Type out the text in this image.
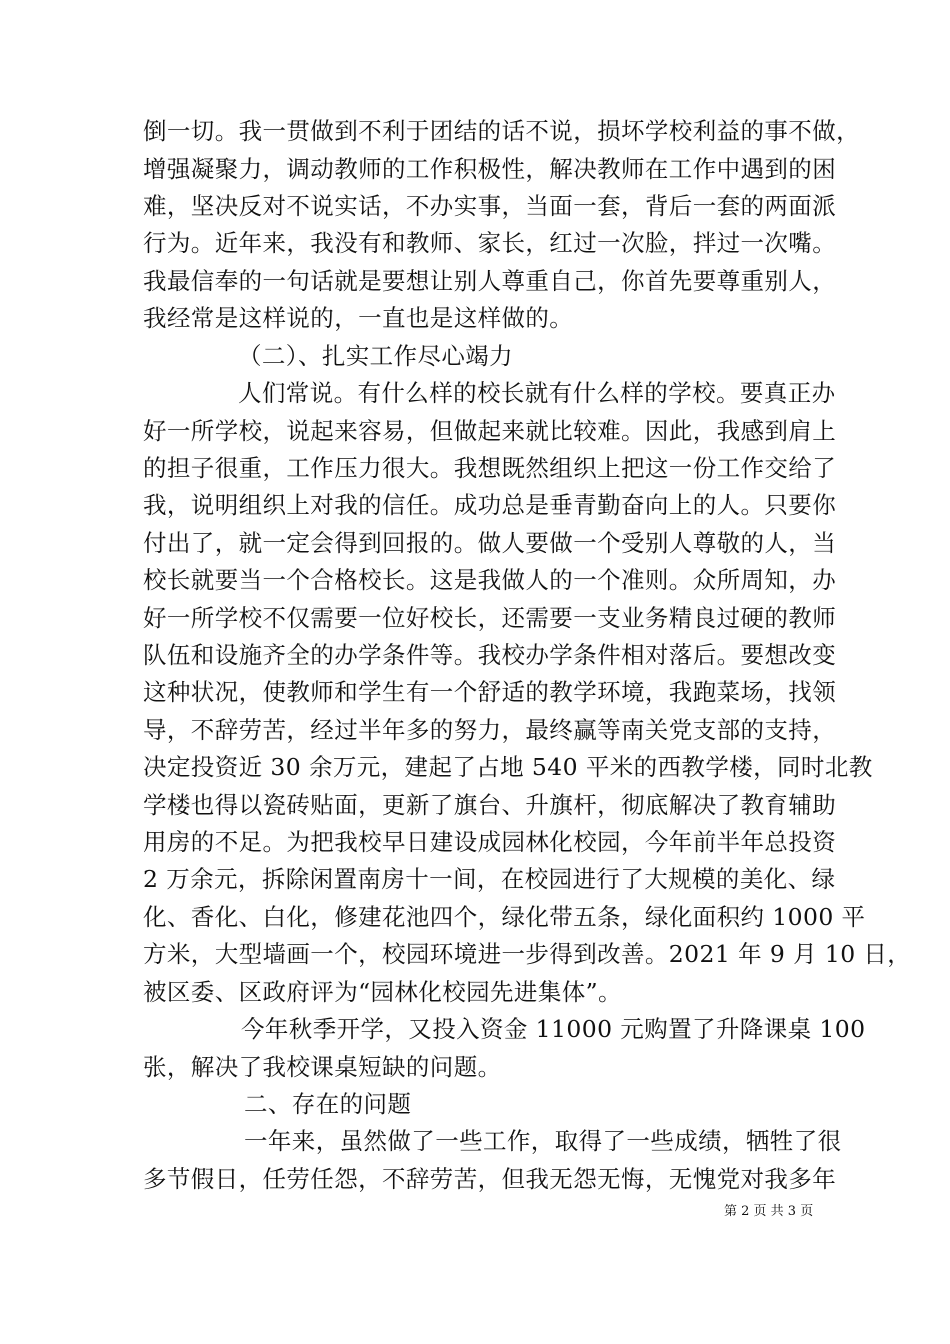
倒一切。我一贯做到不利于团结的话不说，损坏学校利益的事不做，
增强凝聚力，调动教师的工作积极性，解决教师在工作中遇到的困
难，坚决反对不说实话，不办实事，当面一套，背后一套的两面派
行为。近年来，我没有和教师、家长，红过一次脸，拌过一次嘴。
我最信奉的一句话就是要想让别人尊重自己，你首先要尊重别人，
我经常是这样说的，一直也是这样做的。
（二）、扎实工作尽心竭力
人们常说。有什么样的校长就有什么样的学校。要真正办
好一所学校，说起来容易，但做起来就比较难。因此，我感到肩上
的担子很重，工作压力很大。我想既然组织上把这一份工作交给了
我，说明组织上对我的信任。成功总是垂青勤奋向上的人。只要你
付出了，就一定会得到回报的。做人要做一个受别人尊敬的人，当
校长就要当一个合格校长。这是我做人的一个准则。众所周知，办
好一所学校不仅需要一位好校长，还需要一支业务精良过硬的教师
队伍和设施齐全的办学条件等。我校办学条件相对落后。要想改变
这种状况，使教师和学生有一个舒适的教学环境，我跑菜场，找领
导，不辞劳苦，经过半年多的努力，最终赢等南关党支部的支持，
决定投资近 30 余万元，建起了占地 540 平米的西教学楼，同时北教
学楼也得以瓷砖贴面，更新了旗台、升旗杆，彻底解决了教育辅助
用房的不足。为把我校早日建设成园林化校园，今年前半年总投资
2 万余元，拆除闲置南房十一间，在校园进行了大规模的美化、绿
化、香化、白化，修建花池四个，绿化带五条，绿化面积约 1000 平
方米，大型墙画一个，校园环境进一步得到改善。2021 年 9 月 10 日，
被区委、区政府评为“园林化校园先进集体”。
今年秋季开学，又投入资金 11000 元购置了升降课桌 100
张，解决了我校课桌短缺的问题。
二、存在的问题
一年来，虽然做了一些工作，取得了一些成绩，牺牲了很
多节假日，任劳任怨，不辞劳苦，但我无怨无悔，无愧党对我多年
第 2 页 共 3 页
